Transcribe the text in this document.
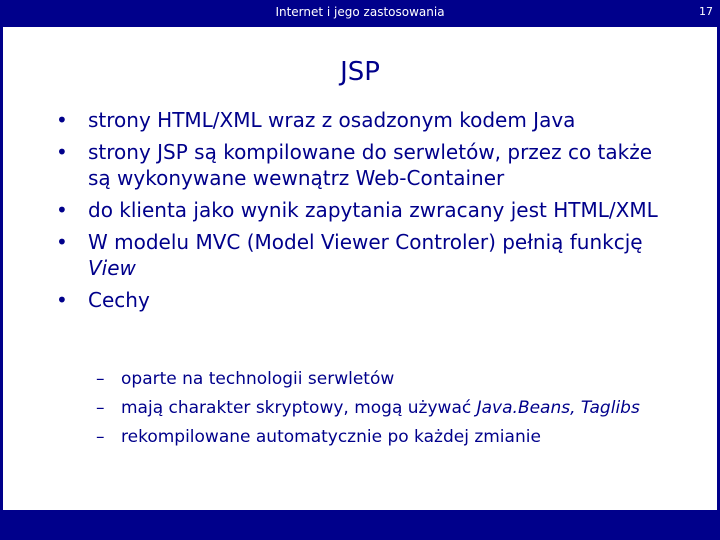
Internet i jego zastosowania	17
JSP
• strony HTML/XML wraz z osadzonym kodem Java
• strony JSP są kompilowane do serwletów, przez co także są wykonywane wewnątrz Web-Container
• do klienta jako wynik zapytania zwracany jest HTML/XML
• W modelu MVC (Model Viewer Controler) pełnią funkcję View
• Cechy
– oparte na technologii serwletów
– mają charakter skryptowy, mogą używać Java.Beans, Taglibs
– rekompilowane automatycznie po każdej zmianie
